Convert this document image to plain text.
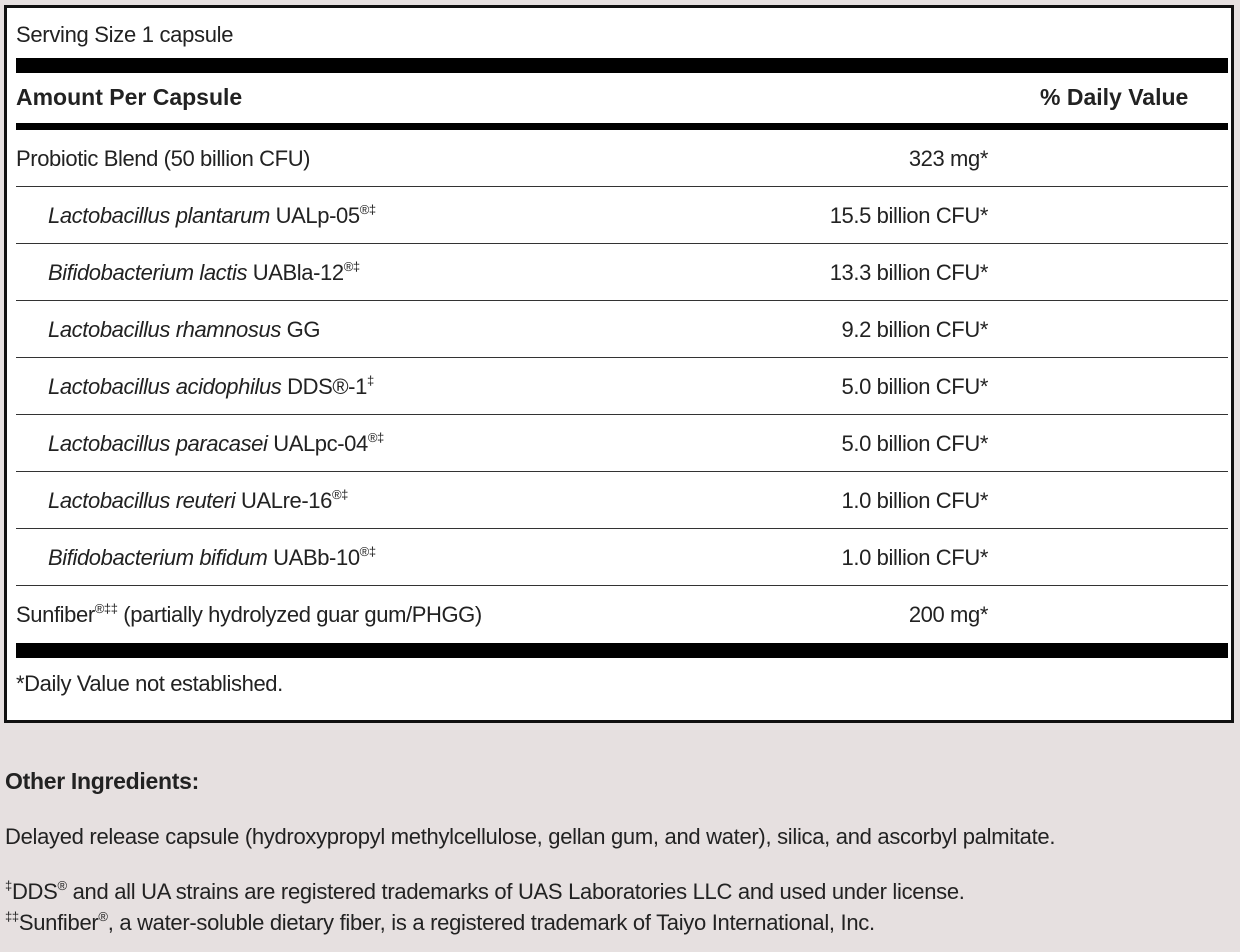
Serving Size 1 capsule
Amount Per Capsule	% Daily Value
Probiotic Blend (50 billion CFU)	323 mg*
Lactobacillus plantarum UALp-05®‡	15.5 billion CFU*
Bifidobacterium lactis UABla-12®‡	13.3 billion CFU*
Lactobacillus rhamnosus GG	9.2 billion CFU*
Lactobacillus acidophilus DDS®-1‡	5.0 billion CFU*
Lactobacillus paracasei UALpc-04®‡	5.0 billion CFU*
Lactobacillus reuteri UALre-16®‡	1.0 billion CFU*
Bifidobacterium bifidum UABb-10®‡	1.0 billion CFU*
Sunfiber®‡‡ (partially hydrolyzed guar gum/PHGG)	200 mg*
*Daily Value not established.
Other Ingredients:
Delayed release capsule (hydroxypropyl methylcellulose, gellan gum, and water), silica, and ascorbyl palmitate.
‡DDS® and all UA strains are registered trademarks of UAS Laboratories LLC and used under license.
‡‡Sunfiber®, a water-soluble dietary fiber, is a registered trademark of Taiyo International, Inc.
